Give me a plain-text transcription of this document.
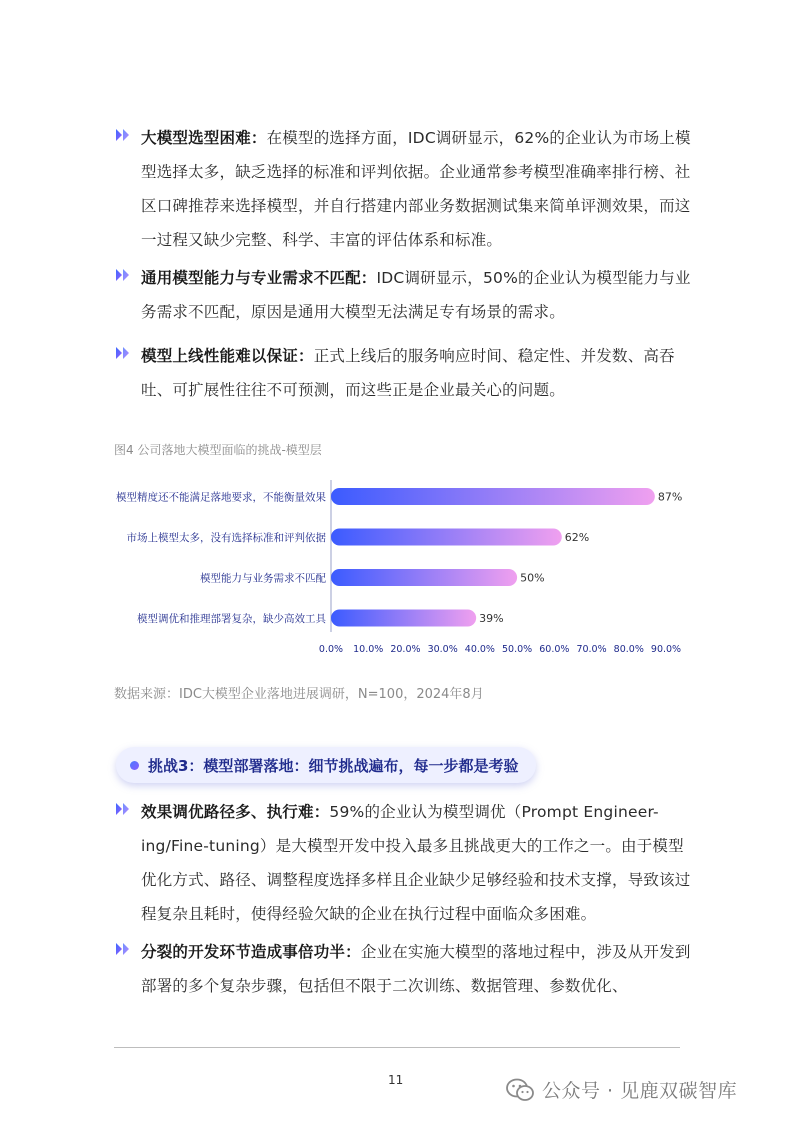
大模型选型困难：在模型的选择方面，IDC调研显示，62%的企业认为市场上模型选择太多，缺乏选择的标准和评判依据。企业通常参考模型准确率排行榜、社区口碑推荐来选择模型，并自行搭建内部业务数据测试集来简单评测效果，而这一过程又缺少完整、科学、丰富的评估体系和标准。

通用模型能力与专业需求不匹配：IDC调研显示，50%的企业认为模型能力与业务需求不匹配，原因是通用大模型无法满足专有场景的需求。

模型上线性能难以保证：正式上线后的服务响应时间、稳定性、并发数、高吞吐、可扩展性往往不可预测，而这些正是企业最关心的问题。

图4 公司落地大模型面临的挑战-模型层
模型精度还不能满足落地要求，不能衡量效果	87%
市场上模型太多，没有选择标准和评判依据	62%
模型能力与业务需求不匹配	50%
模型调优和推理部署复杂，缺少高效工具	39%
0.0% 10.0% 20.0% 30.0% 40.0% 50.0% 60.0% 70.0% 80.0% 90.0%
数据来源：IDC大模型企业落地进展调研，N=100，2024年8月
挑战3：模型部署落地：细节挑战遍布，每一步都是考验

效果调优路径多、执行难：59%的企业认为模型调优（Prompt Engineer-ing/Fine-tuning）是大模型开发中投入最多且挑战更大的工作之一。由于模型优化方式、路径、调整程度选择多样且企业缺少足够经验和技术支撑，导致该过程复杂且耗时，使得经验欠缺的企业在执行过程中面临众多困难。

分裂的开发环节造成事倍功半：企业在实施大模型的落地过程中，涉及从开发到部署的多个复杂步骤，包括但不限于二次训练、数据管理、参数优化、

11	公众号 · 见鹿双碳智库
